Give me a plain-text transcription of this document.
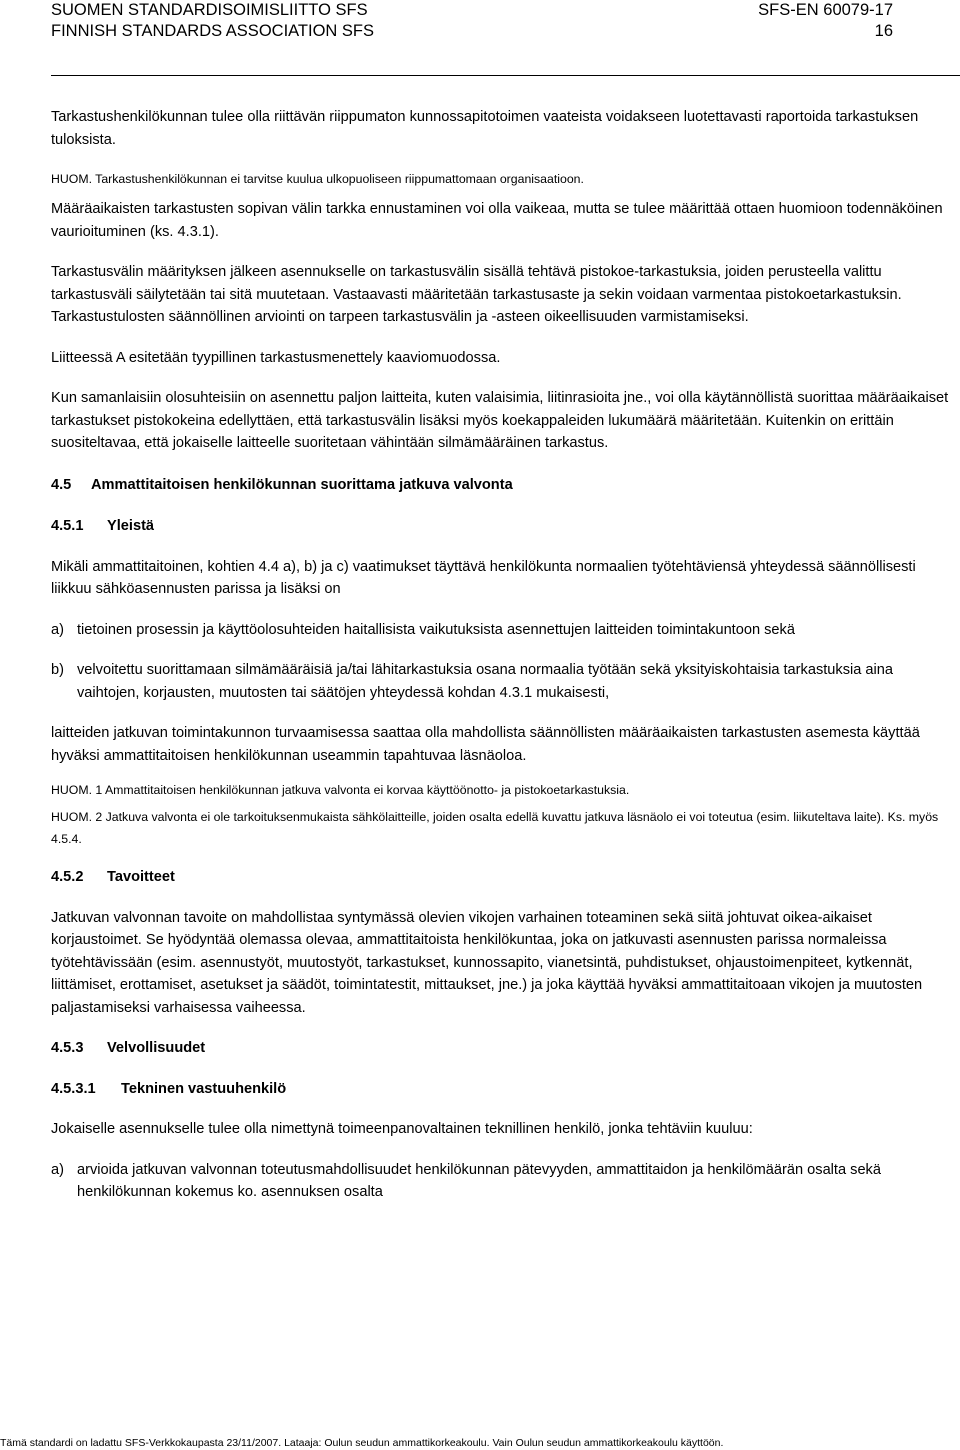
SUOMEN STANDARDISOIMISLIITTO SFS
FINNISH STANDARDS ASSOCIATION SFS
SFS-EN 60079-17
16

Tarkastushenkilökunnan tulee olla riittävän riippumaton kunnossapitotoimen vaateista voidakseen luotettavasti raportoida tarkastuksen tuloksista.

HUOM. Tarkastushenkilökunnan ei tarvitse kuulua ulkopuoliseen riippumattomaan organisaatioon.

Määräaikaisten tarkastusten sopivan välin tarkka ennustaminen voi olla vaikeaa, mutta se tulee määrittää ottaen huomioon todennäköinen vaurioituminen (ks. 4.3.1).

Tarkastusvälin määrityksen jälkeen asennukselle on tarkastusvälin sisällä tehtävä pistokoe-tarkastuksia, joiden perusteella valittu tarkastusväli säilytetään tai sitä muutetaan. Vastaavasti määritetään tarkastusaste ja sekin voidaan varmentaa pistokoetarkastuksin. Tarkastustulosten säännöllinen arviointi on tarpeen tarkastusvälin ja -asteen oikeellisuuden varmistamiseksi.

Liitteessä A esitetään tyypillinen tarkastusmenettely kaaviomuodossa.

Kun samanlaisiin olosuhteisiin on asennettu paljon laitteita, kuten valaisimia, liitinrasioita jne., voi olla käytännöllistä suorittaa määräaikaiset tarkastukset pistokokeina edellyttäen, että tarkastusvälin lisäksi myös koekappaleiden lukumäärä määritetään. Kuitenkin on erittäin suositeltavaa, että jokaiselle laitteelle suoritetaan vähintään silmämääräinen tarkastus.

4.5 Ammattitaitoisen henkilökunnan suorittama jatkuva valvonta
4.5.1 Yleistä

Mikäli ammattitaitoinen, kohtien 4.4 a), b) ja c) vaatimukset täyttävä henkilökunta normaalien työtehtäviensä yhteydessä säännöllisesti liikkuu sähköasennusten parissa ja lisäksi on

a) tietoinen prosessin ja käyttöolosuhteiden haitallisista vaikutuksista asennettujen laitteiden toimintakuntoon sekä
b) velvoitettu suorittamaan silmämääräisiä ja/tai lähitarkastuksia osana normaalia työtään sekä yksityiskohtaisia tarkastuksia aina vaihtojen, korjausten, muutosten tai säätöjen yhteydessä kohdan 4.3.1 mukaisesti,

laitteiden jatkuvan toimintakunnon turvaamisessa saattaa olla mahdollista säännöllisten määräaikaisten tarkastusten asemesta käyttää hyväksi ammattitaitoisen henkilökunnan useammin tapahtuvaa läsnäoloa.

HUOM. 1 Ammattitaitoisen henkilökunnan jatkuva valvonta ei korvaa käyttöönotto- ja pistokoetarkastuksia.

HUOM. 2 Jatkuva valvonta ei ole tarkoituksenmukaista sähkölaitteille, joiden osalta edellä kuvattu jatkuva läsnäolo ei voi toteutua (esim. liikuteltava laite). Ks. myös 4.5.4.

4.5.2 Tavoitteet

Jatkuvan valvonnan tavoite on mahdollistaa syntymässä olevien vikojen varhainen toteaminen sekä siitä johtuvat oikea-aikaiset korjaustoimet. Se hyödyntää olemassa olevaa, ammattitaitoista henkilökuntaa, joka on jatkuvasti asennusten parissa normaleissa työtehtävissään (esim. asennustyöt, muutostyöt, tarkastukset, kunnossapito, vianetsintä, puhdistukset, ohjaustoimenpiteet, kytkennät, liittämiset, erottamiset, asetukset ja säädöt, toimintatestit, mittaukset, jne.) ja joka käyttää hyväksi ammattitaitoaan vikojen ja muutosten paljastamiseksi varhaisessa vaiheessa.

4.5.3 Velvollisuudet
4.5.3.1 Tekninen vastuuhenkilö

Jokaiselle asennukselle tulee olla nimettynä toimeenpanovaltainen teknillinen henkilö, jonka tehtäviin kuuluu:

a) arvioida jatkuvan valvonnan toteutusmahdollisuudet henkilökunnan pätevyyden, ammattitaidon ja henkilömäärän osalta sekä henkilökunnan kokemus ko. asennuksen osalta
Tämä standardi on ladattu SFS-Verkkokaupasta 23/11/2007. Lataaja: Oulun seudun ammattikorkeakoulu. Vain Oulun seudun ammattikorkeakoulu käyttöön.
